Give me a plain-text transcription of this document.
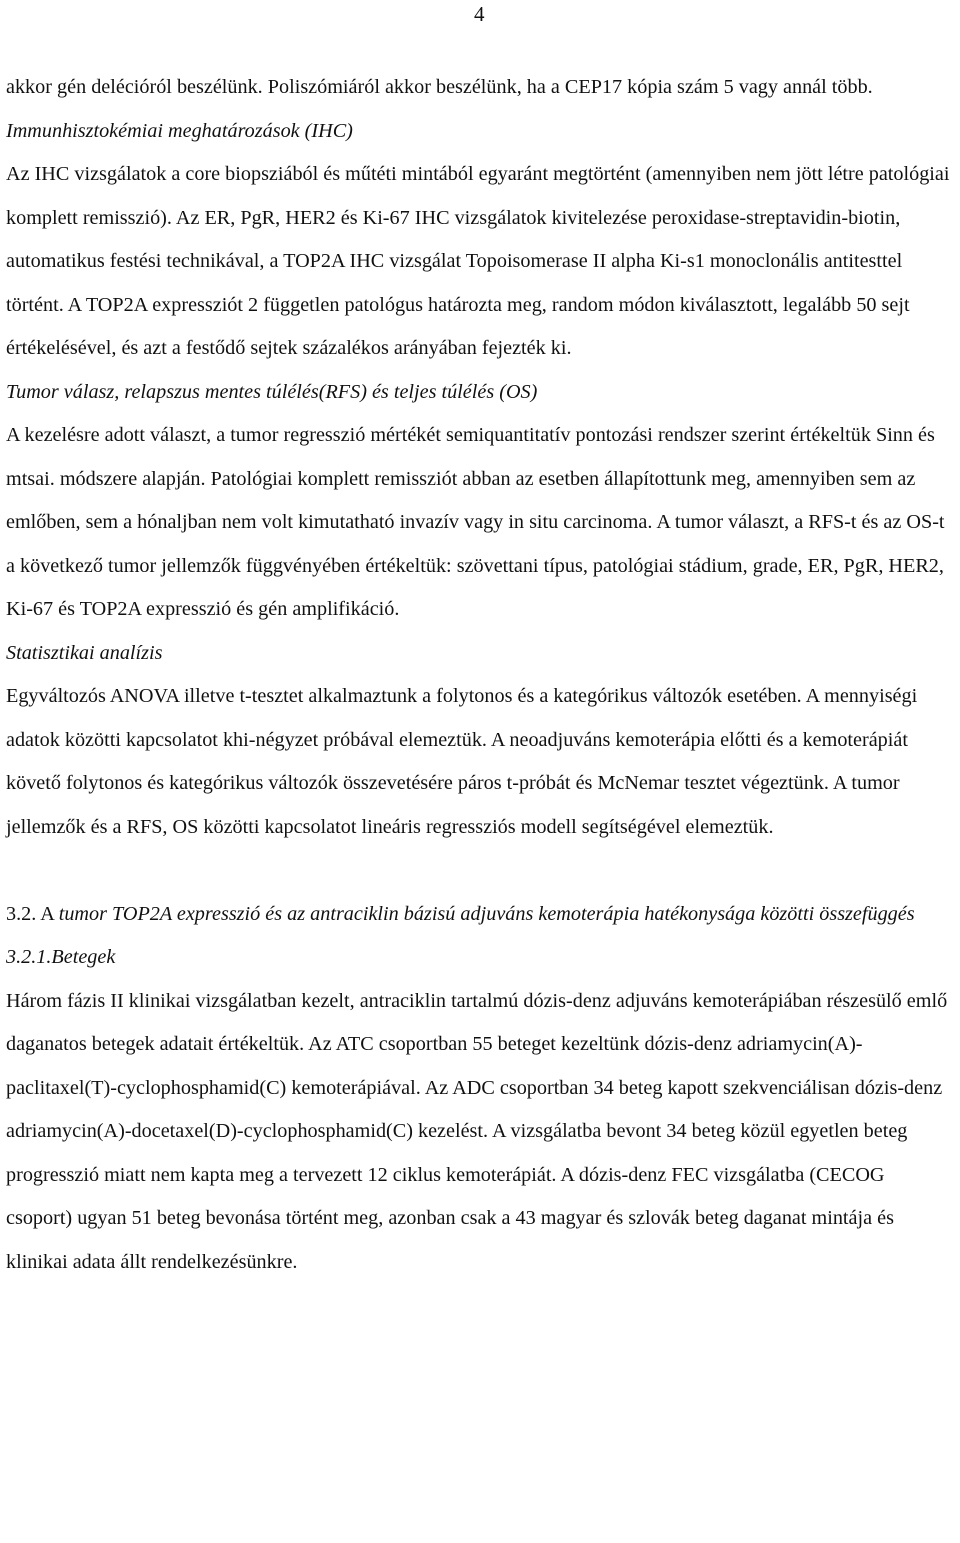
4

akkor gén delécióról beszélünk. Poliszómiáról akkor beszélünk, ha a CEP17 kópia szám 5 vagy annál több.

Immunhisztokémiai meghatározások (IHC)

Az IHC vizsgálatok a core biopsziából és műtéti mintából egyaránt megtörtént (amennyiben nem jött létre patológiai komplett remisszió). Az ER, PgR, HER2 és Ki-67 IHC vizsgálatok kivitelezése peroxidase-streptavidin-biotin, automatikus festési technikával, a TOP2A IHC vizsgálat Topoisomerase II alpha Ki-s1 monoclonális antitesttel történt. A TOP2A expressziót 2 független patológus határozta meg, random módon kiválasztott, legalább 50 sejt értékelésével, és azt a festődő sejtek százalékos arányában fejezték ki.

Tumor válasz, relapszus mentes túlélés(RFS) és teljes túlélés (OS)

A kezelésre adott választ, a tumor regresszió mértékét semiquantitatív pontozási rendszer szerint értékeltük Sinn és mtsai. módszere alapján. Patológiai komplett remissziót abban az esetben állapítottunk meg, amennyiben sem az emlőben, sem a hónaljban nem volt kimutatható invazív vagy in situ carcinoma. A tumor választ, a RFS-t és az OS-t a következő tumor jellemzők függvényében értékeltük: szövettani típus, patológiai stádium, grade, ER, PgR, HER2, Ki-67 és TOP2A expresszió és gén amplifikáció.

Statisztikai analízis

Egyváltozós ANOVA illetve t-tesztet alkalmaztunk a folytonos és a kategórikus változók esetében. A mennyiségi adatok közötti kapcsolatot khi-négyzet próbával elemeztük. A neoadjuváns kemoterápia előtti és a kemoterápiát követő folytonos és kategórikus változók összevetésére páros t-próbát és McNemar tesztet végeztünk. A tumor jellemzők és a RFS, OS közötti kapcsolatot lineáris regressziós modell segítségével elemeztük.

3.2. A tumor TOP2A expresszió és az antraciklin bázisú adjuváns kemoterápia hatékonysága közötti összefüggés

3.2.1.Betegek

Három fázis II klinikai vizsgálatban kezelt, antraciklin tartalmú dózis-denz adjuváns kemoterápiában részesülő emlő daganatos betegek adatait értékeltük. Az ATC csoportban 55 beteget kezeltünk dózis-denz adriamycin(A)-paclitaxel(T)-cyclophosphamid(C) kemoterápiával. Az ADC csoportban 34 beteg kapott szekvenciálisan dózis-denz adriamycin(A)-docetaxel(D)-cyclophosphamid(C) kezelést. A vizsgálatba bevont 34 beteg közül egyetlen beteg progresszió miatt nem kapta meg a tervezett 12 ciklus kemoterápiát. A dózis-denz FEC vizsgálatba (CECOG csoport) ugyan 51 beteg bevonása történt meg, azonban csak a 43 magyar és szlovák beteg daganat mintája és klinikai adata állt rendelkezésünkre.
